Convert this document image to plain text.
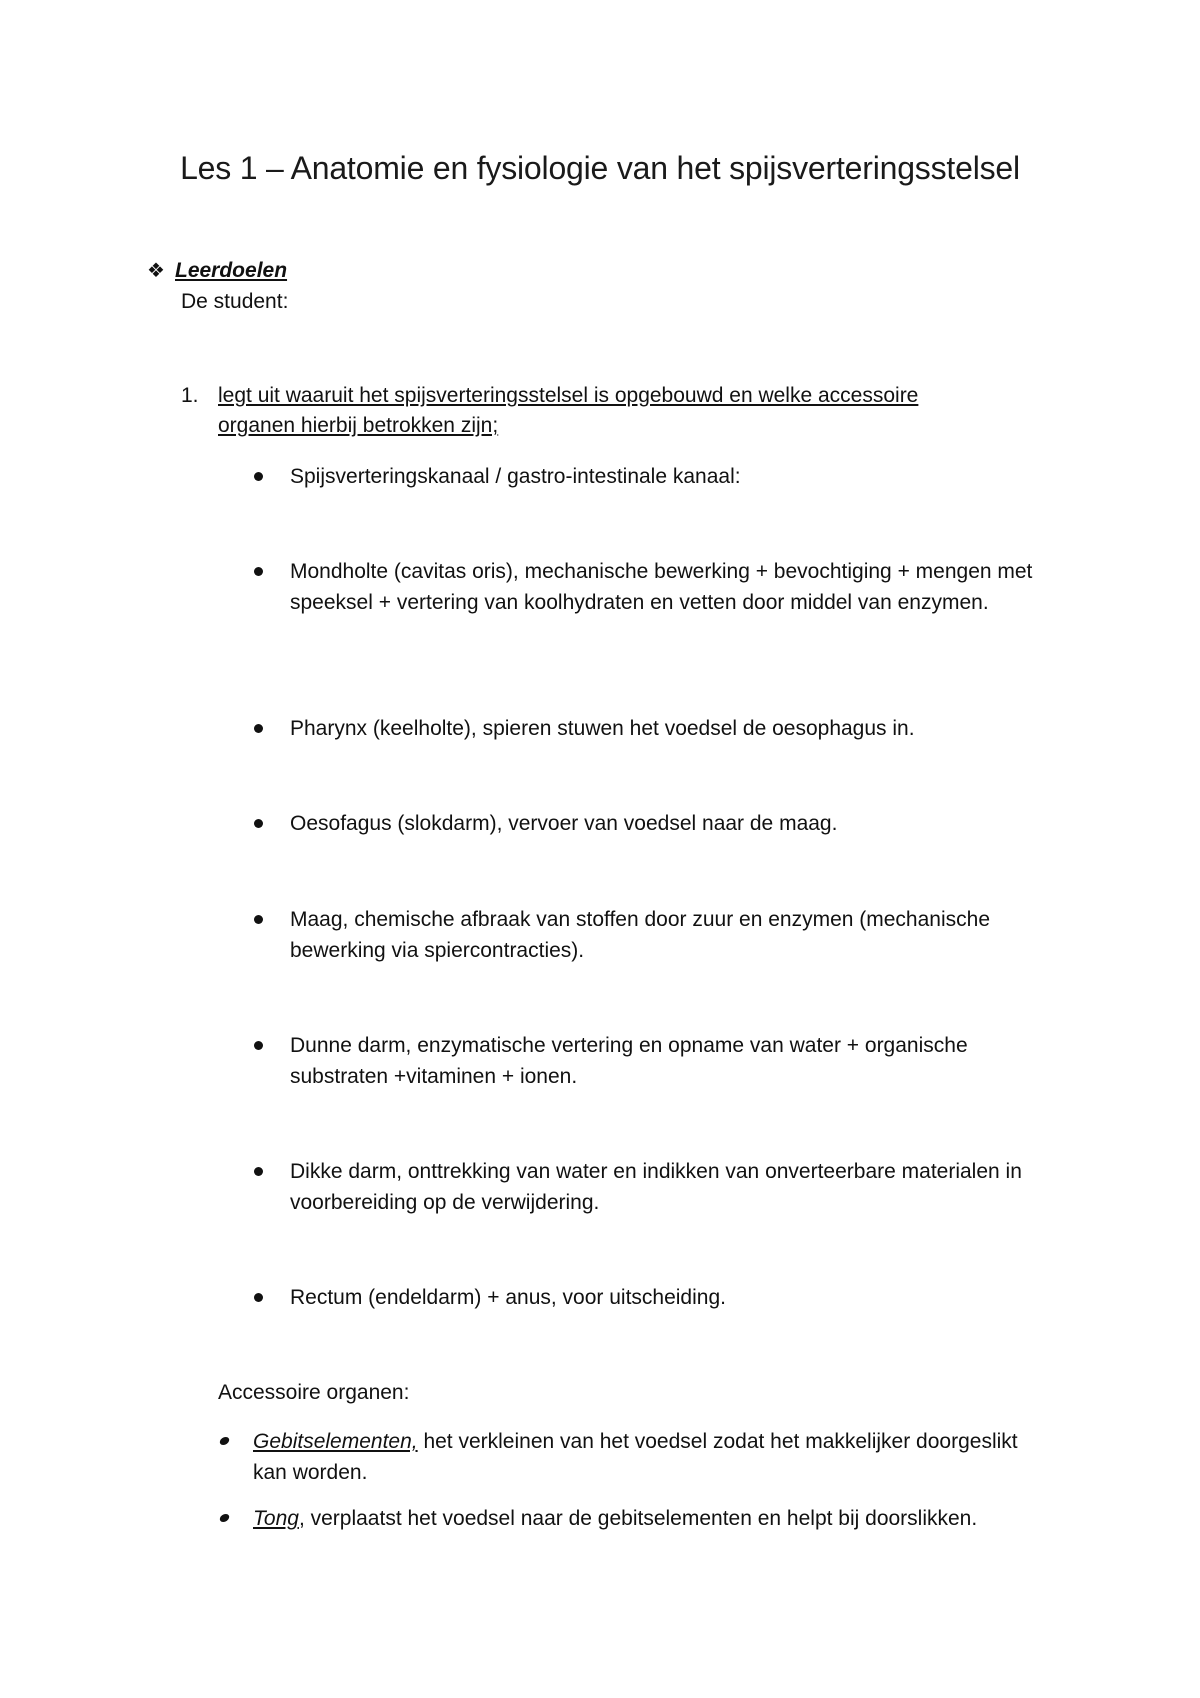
Les 1 – Anatomie en fysiologie van het spijsverteringsstelsel
❖ Leerdoelen
De student:
1. legt uit waaruit het spijsverteringsstelsel is opgebouwd en welke accessoire organen hierbij betrokken zijn;
Spijsverteringskanaal / gastro-intestinale kanaal:
Mondholte (cavitas oris), mechanische bewerking + bevochtiging + mengen met speeksel + vertering van koolhydraten en vetten door middel van enzymen.
Pharynx (keelholte), spieren stuwen het voedsel de oesophagus in.
Oesofagus (slokdarm), vervoer van voedsel naar de maag.
Maag, chemische afbraak van stoffen door zuur en enzymen (mechanische bewerking via spiercontracties).
Dunne darm, enzymatische vertering en opname van water + organische substraten +vitaminen + ionen.
Dikke darm, onttrekking van water en indikken van onverteerbare materialen in voorbereiding op de verwijdering.
Rectum (endeldarm) + anus, voor uitscheiding.
Accessoire organen:
Gebitselementen, het verkleinen van het voedsel zodat het makkelijker doorgeslikt kan worden.
Tong, verplaatst het voedsel naar de gebitselementen en helpt bij doorslikken.
